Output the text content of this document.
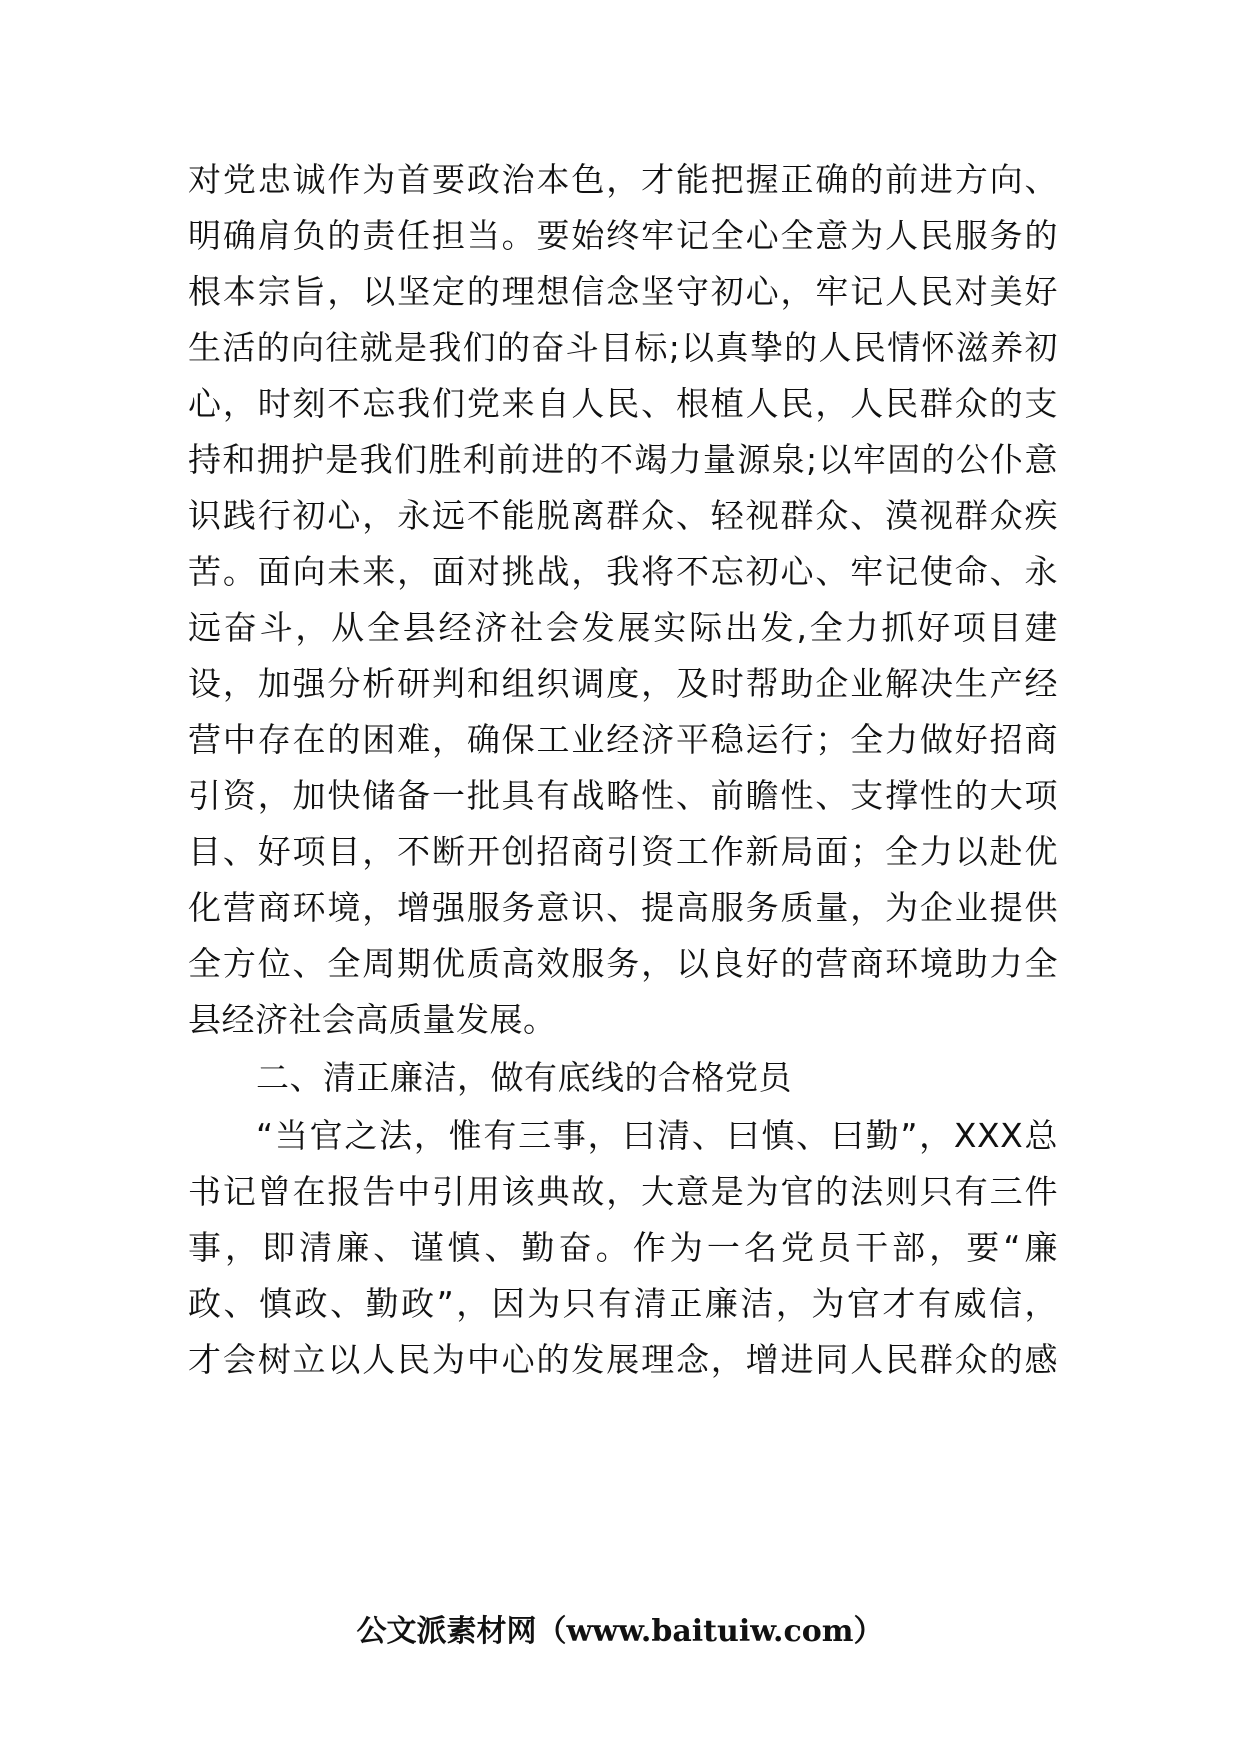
对党忠诚作为首要政治本色，才能把握正确的前进方向、
明确肩负的责任担当。要始终牢记全心全意为人民服务的
根本宗旨，以坚定的理想信念坚守初心，牢记人民对美好
生活的向往就是我们的奋斗目标;以真挚的人民情怀滋养初
心，时刻不忘我们党来自人民、根植人民，人民群众的支
持和拥护是我们胜利前进的不竭力量源泉;以牢固的公仆意
识践行初心，永远不能脱离群众、轻视群众、漠视群众疾
苦。面向未来，面对挑战，我将不忘初心、牢记使命、永
远奋斗，从全县经济社会发展实际出发,全力抓好项目建
设，加强分析研判和组织调度，及时帮助企业解决生产经
营中存在的困难，确保工业经济平稳运行；全力做好招商
引资，加快储备一批具有战略性、前瞻性、支撑性的大项
目、好项目，不断开创招商引资工作新局面；全力以赴优
化营商环境，增强服务意识、提高服务质量，为企业提供
全方位、全周期优质高效服务，以良好的营商环境助力全
县经济社会高质量发展。
二、清正廉洁，做有底线的合格党员
“当官之法，惟有三事，曰清、曰慎、曰勤”，XXX总
书记曾在报告中引用该典故，大意是为官的法则只有三件
事，即清廉、谨慎、勤奋。作为一名党员干部，要“廉
政、慎政、勤政”，因为只有清正廉洁，为官才有威信，
才会树立以人民为中心的发展理念，增进同人民群众的感
公文派素材网（www.baituiw.com）
